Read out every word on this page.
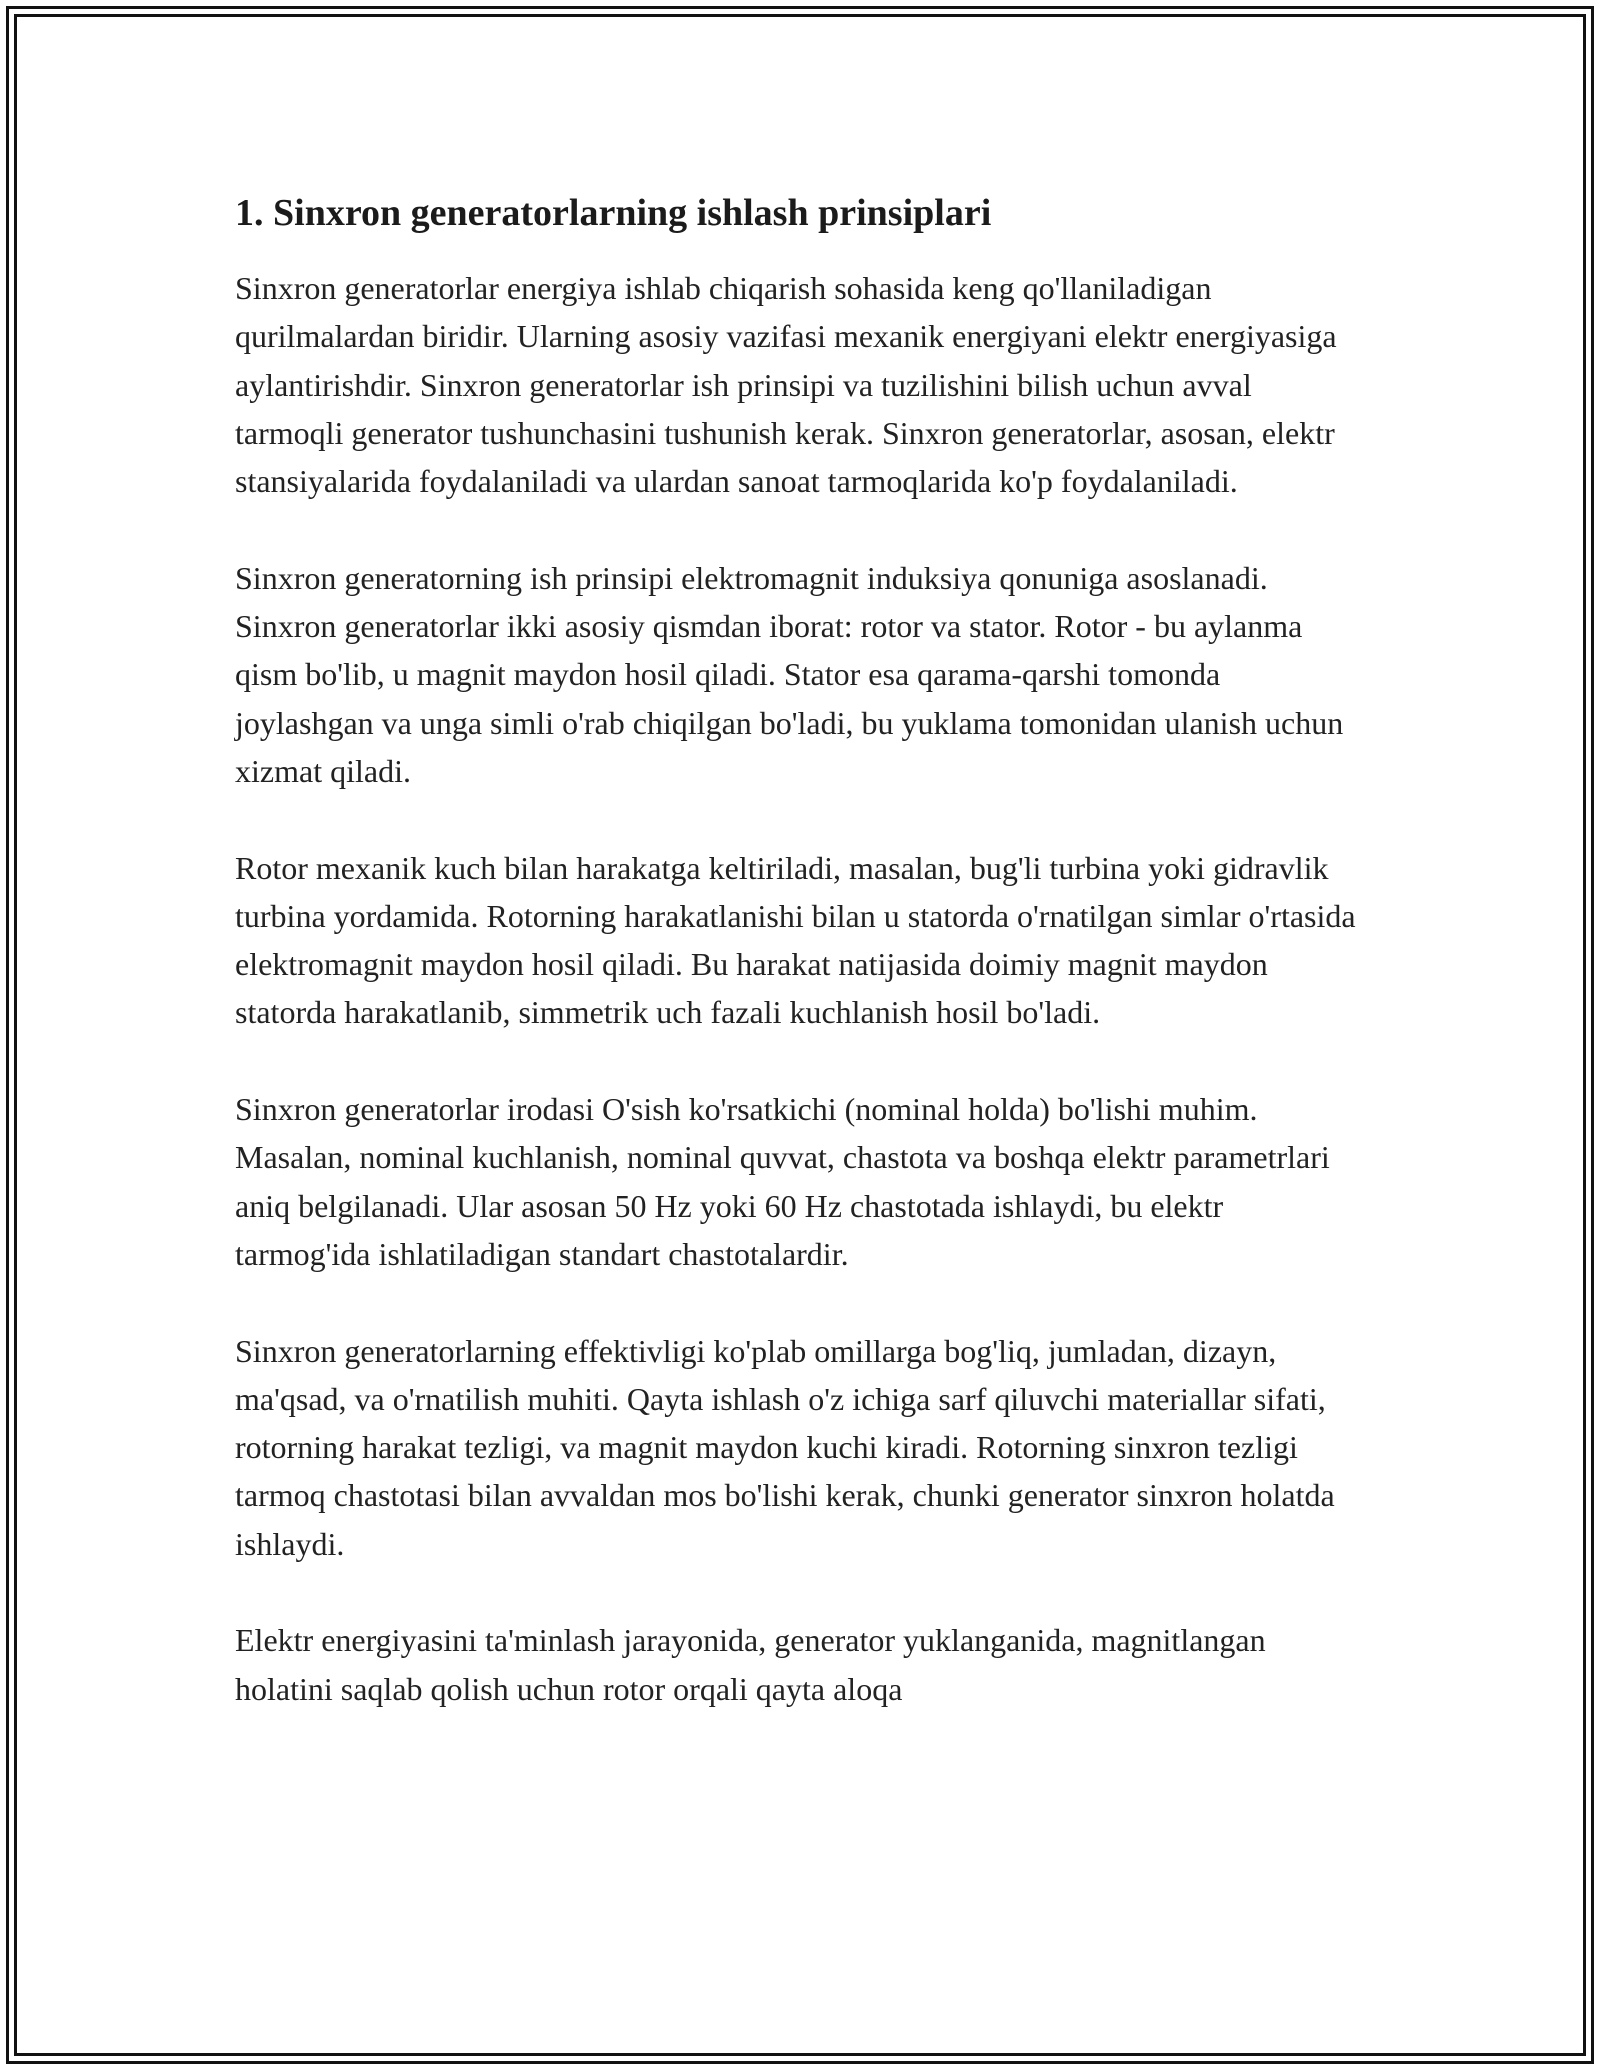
1. Sinxron generatorlarning ishlash prinsiplari

Sinxron generatorlar energiya ishlab chiqarish sohasida keng qo'llaniladigan qurilmalardan biridir. Ularning asosiy vazifasi mexanik energiyani elektr energiyasiga aylantirishdir. Sinxron generatorlar ish prinsipi va tuzilishini bilish uchun avval tarmoqli generator tushunchasini tushunish kerak. Sinxron generatorlar, asosan, elektr stansiyalarida foydalaniladi va ulardan sanoat tarmoqlarida ko'p foydalaniladi.

Sinxron generatorning ish prinsipi elektromagnit induksiya qonuniga asoslanadi. Sinxron generatorlar ikki asosiy qismdan iborat: rotor va stator. Rotor - bu aylanma qism bo'lib, u magnit maydon hosil qiladi. Stator esa qarama-qarshi tomonda joylashgan va unga simli o'rab chiqilgan bo'ladi, bu yuklama tomonidan ulanish uchun xizmat qiladi.

Rotor mexanik kuch bilan harakatga keltiriladi, masalan, bug'li turbina yoki gidravlik turbina yordamida. Rotorning harakatlanishi bilan u statorda o'rnatilgan simlar o'rtasida elektromagnit maydon hosil qiladi. Bu harakat natijasida doimiy magnit maydon statorda harakatlanib, simmetrik uch fazali kuchlanish hosil bo'ladi.

Sinxron generatorlar irodasi O'sish ko'rsatkichi (nominal holda) bo'lishi muhim. Masalan, nominal kuchlanish, nominal quvvat, chastota va boshqa elektr parametrlari aniq belgilanadi. Ular asosan 50 Hz yoki 60 Hz chastotada ishlaydi, bu elektr tarmog'ida ishlatiladigan standart chastotalardir.

Sinxron generatorlarning effektivligi ko'plab omillarga bog'liq, jumladan, dizayn, ma'qsad, va o'rnatilish muhiti. Qayta ishlash o'z ichiga sarf qiluvchi materiallar sifati, rotorning harakat tezligi, va magnit maydon kuchi kiradi. Rotorning sinxron tezligi tarmoq chastotasi bilan avvaldan mos bo'lishi kerak, chunki generator sinxron holatda ishlaydi.

Elektr energiyasini ta'minlash jarayonida, generator yuklanganida, magnitlangan holatini saqlab qolish uchun rotor orqali qayta aloqa
